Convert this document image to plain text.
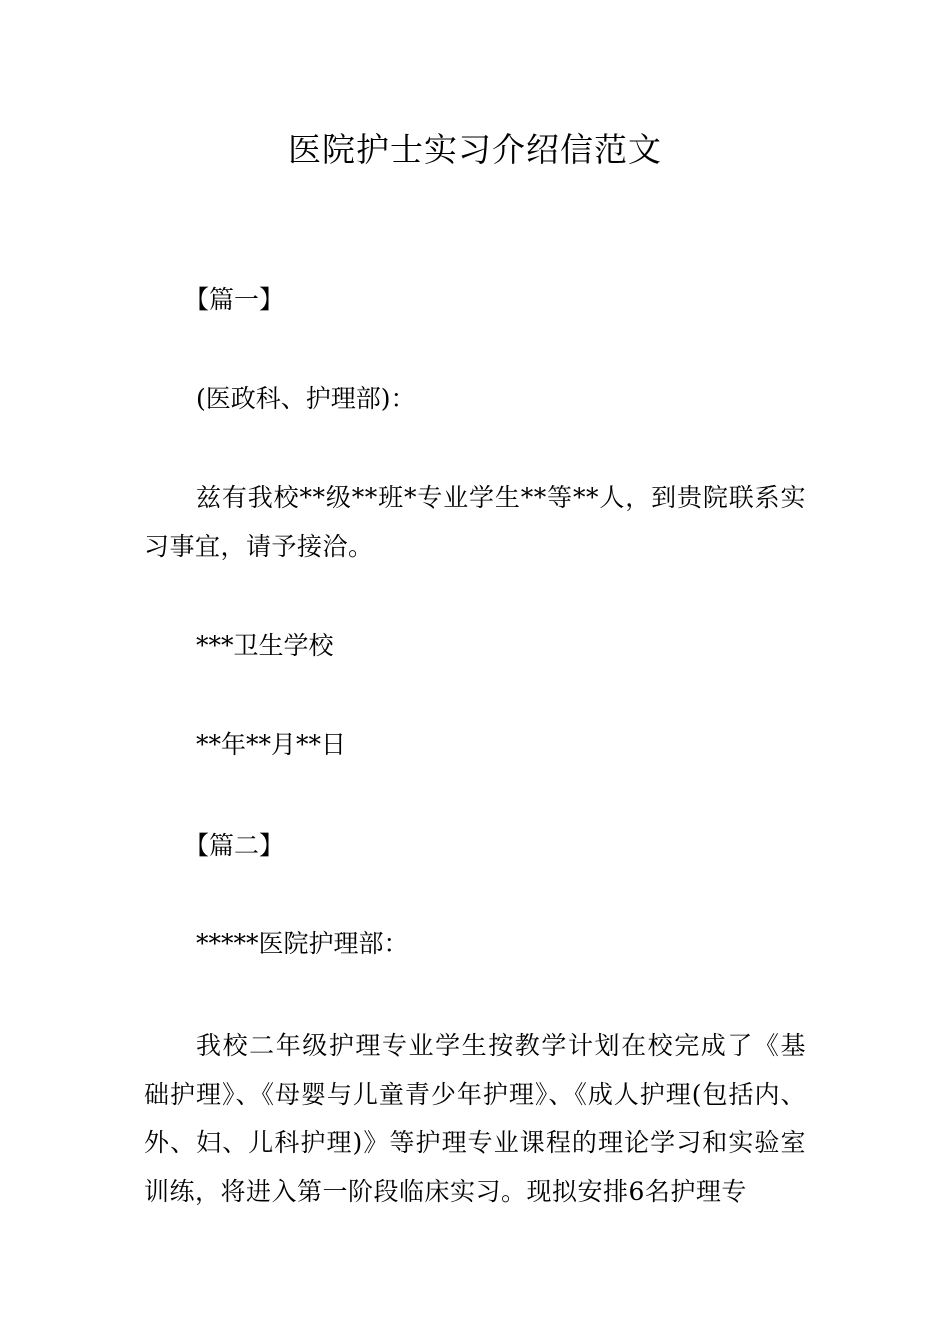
医院护士实习介绍信范文
【篇一】
(医政科、护理部)：
兹有我校**级**班*专业学生**等**人，到贵院联系实习事宜，请予接洽。
***卫生学校
**年**月**日
【篇二】
*****医院护理部：
我校二年级护理专业学生按教学计划在校完成了《基础护理》、《母婴与儿童青少年护理》、《成人护理(包括内、外、妇、儿科护理)》等护理专业课程的理论学习和实验室训练，将进入第一阶段临床实习。现拟安排6名护理专
